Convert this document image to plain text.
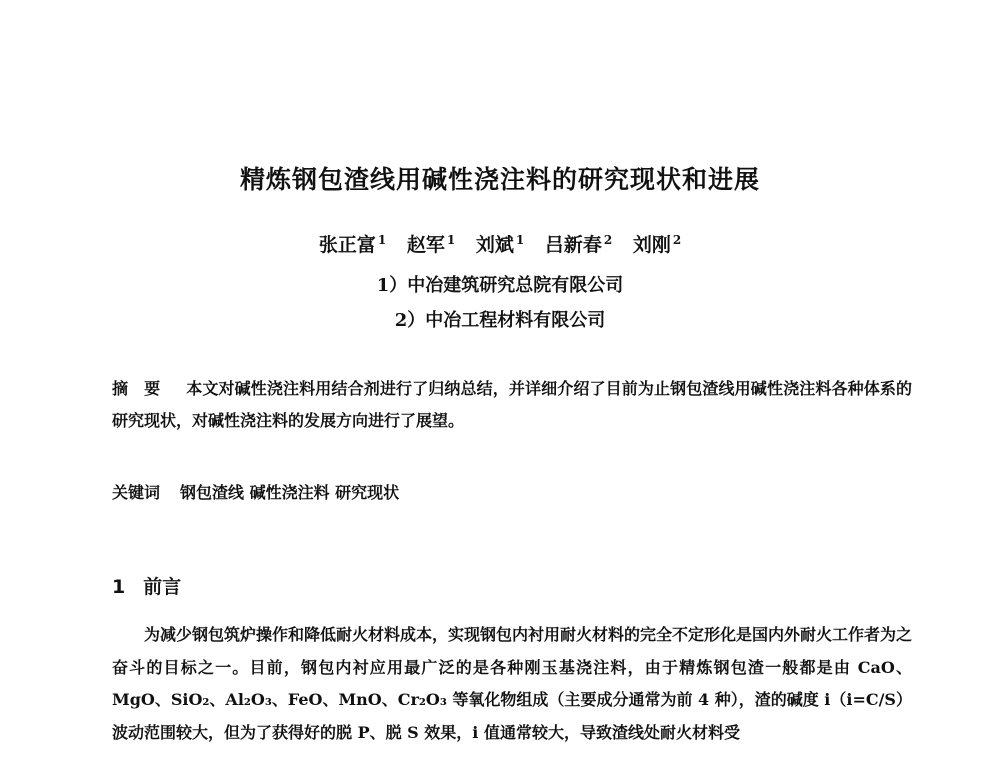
精炼钢包渣线用碱性浇注料的研究现状和进展
张正富 $^1$ 赵军 $^1$ 刘斌 $^1$ 吕新春 $^2$ 刘刚 $^2$
1）中冶建筑研究总院有限公司
2）中冶工程材料有限公司
摘要 本文对碱性浇注料用结合剂进行了归纳总结，并详细介绍了目前为止钢包渣线用碱性浇注料各种体系的研究现状，对碱性浇注料的发展方向进行了展望。
关键词 钢包渣线 碱性浇注料 研究现状
1 前言
为减少钢包筑炉操作和降低耐火材料成本，实现钢包内衬用耐火材料的完全不定形化是国内外耐火工作者为之奋斗的目标之一。目前，钢包内衬应用最广泛的是各种刚玉基浇注料，由于精炼钢包渣一般都是由 CaO、MgO、SiO₂、Al₂O₃、FeO、MnO、Cr₂O₃ 等氧化物组成（主要成分通常为前 4 种），渣的碱度 i（i=C/S）波动范围较大，但为了获得好的脱 P、脱 S 效果，i 值通常较大，导致渣线处耐火材料受
